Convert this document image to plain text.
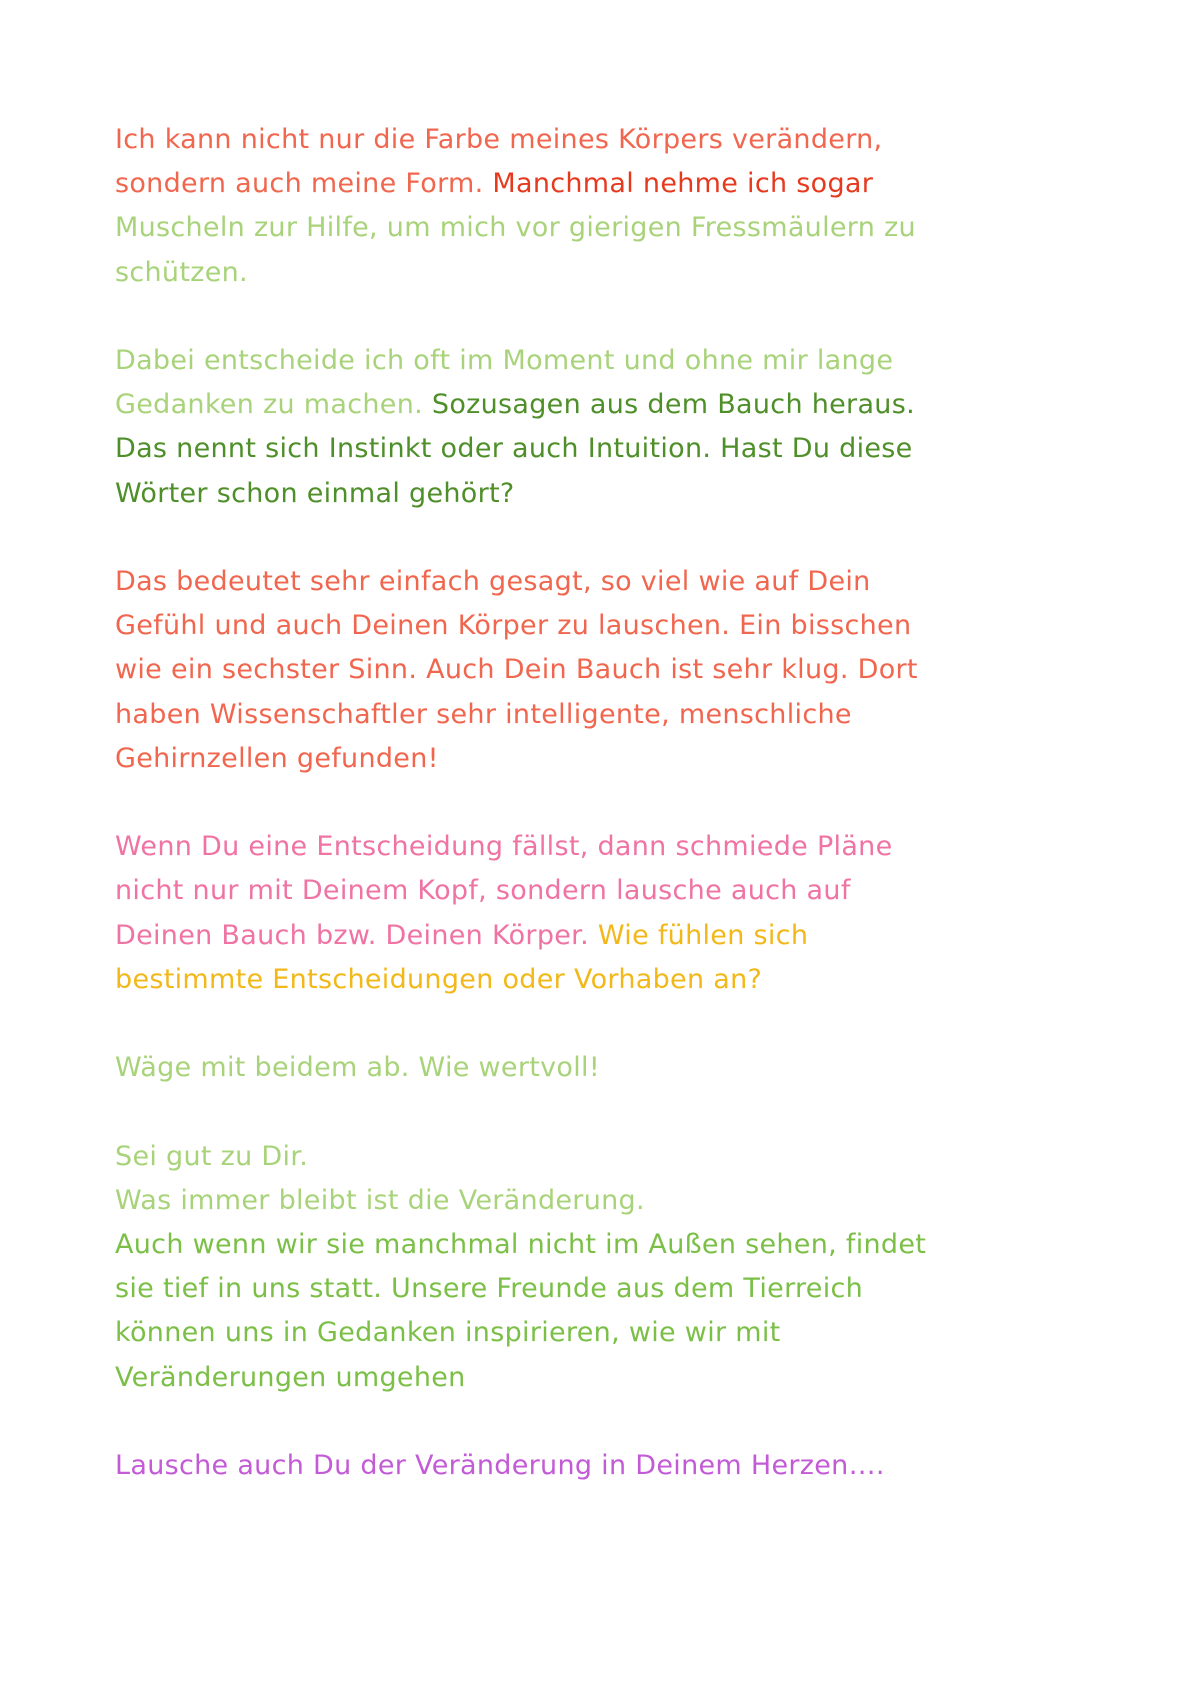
Ich kann nicht nur die Farbe meines Körpers verändern,
sondern auch meine Form. Manchmal nehme ich sogar
Muscheln zur Hilfe, um mich vor gierigen Fressmäulern zu
schützen.
Dabei entscheide ich oft im Moment und ohne mir lange
Gedanken zu machen. Sozusagen aus dem Bauch heraus.
Das nennt sich Instinkt oder auch Intuition. Hast Du diese
Wörter schon einmal gehört?
Das bedeutet sehr einfach gesagt, so viel wie auf Dein
Gefühl und auch Deinen Körper zu lauschen. Ein bisschen
wie ein sechster Sinn. Auch Dein Bauch ist sehr klug. Dort
haben Wissenschaftler sehr intelligente, menschliche
Gehirnzellen gefunden!
Wenn Du eine Entscheidung fällst, dann schmiede Pläne
nicht nur mit Deinem Kopf, sondern lausche auch auf
Deinen Bauch bzw. Deinen Körper. Wie fühlen sich
bestimmte Entscheidungen oder Vorhaben an?
Wäge mit beidem ab. Wie wertvoll!
Sei gut zu Dir.
Was immer bleibt ist die Veränderung.
Auch wenn wir sie manchmal nicht im Außen sehen, findet
sie tief in uns statt. Unsere Freunde aus dem Tierreich
können uns in Gedanken inspirieren, wie wir mit
Veränderungen umgehen
Lausche auch Du der Veränderung in Deinem Herzen….
